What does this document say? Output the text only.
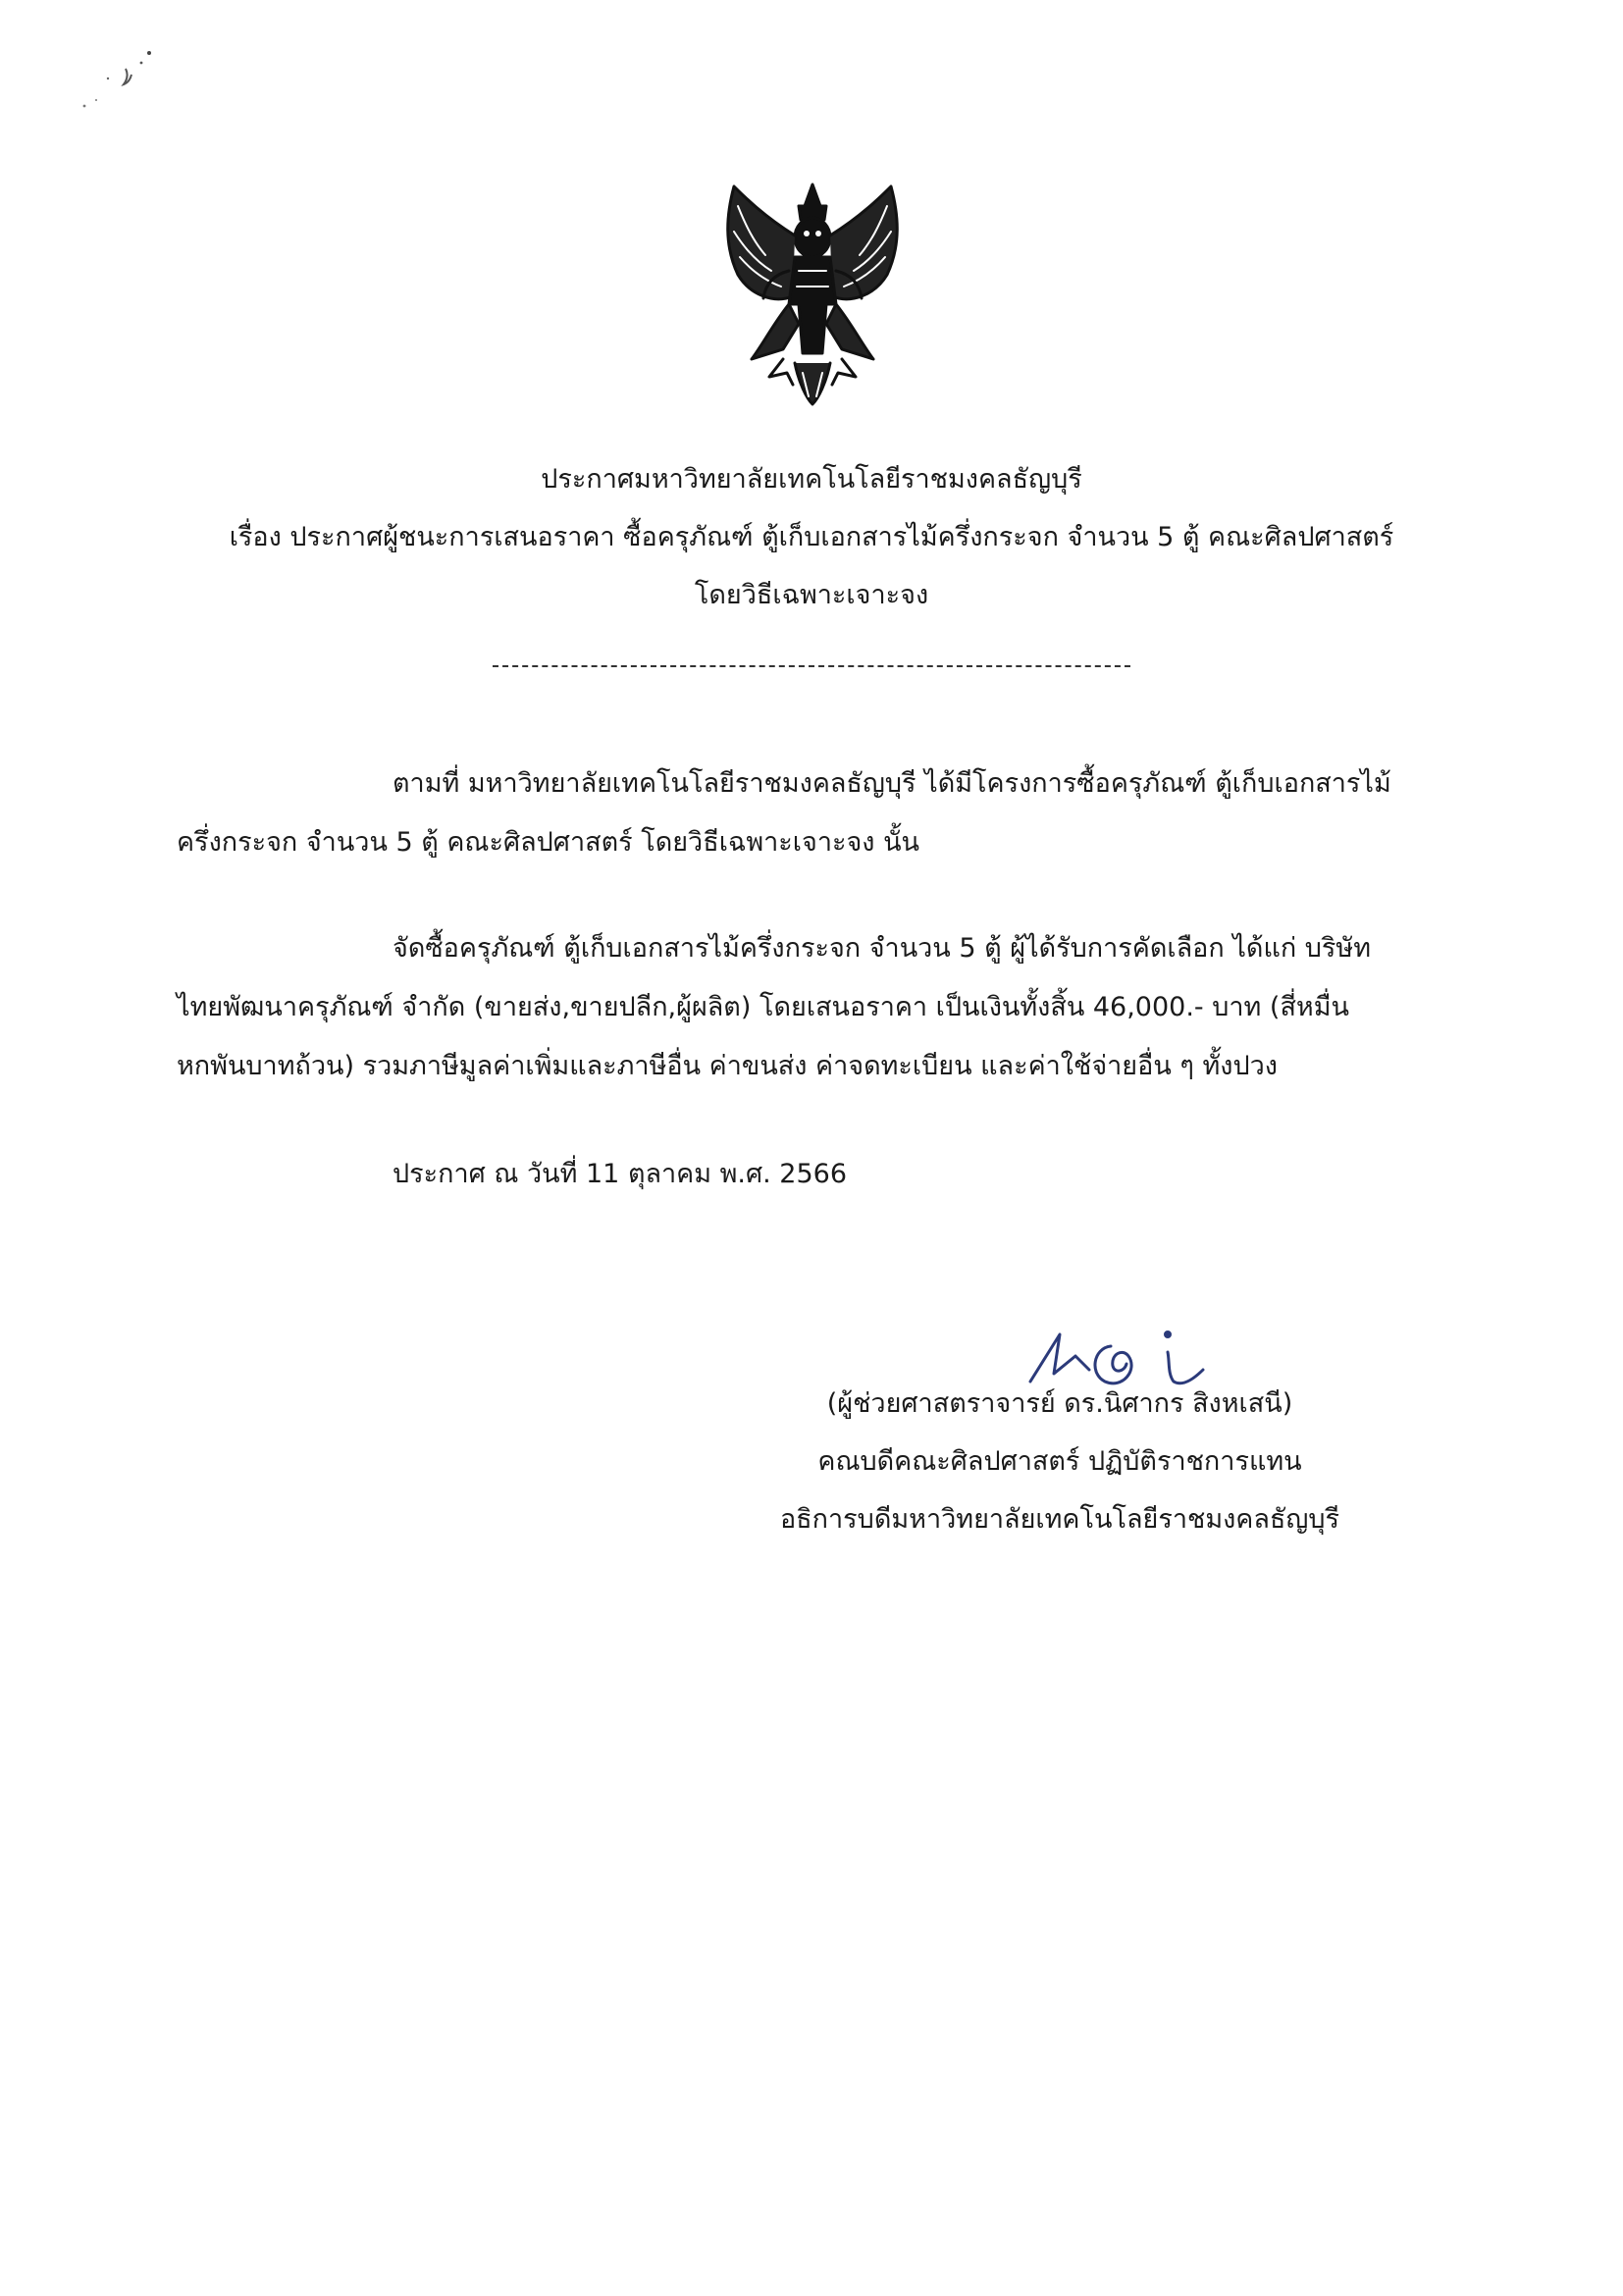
ประกาศมหาวิทยาลัยเทคโนโลยีราชมงคลธัญบุรี
เรื่อง ประกาศผู้ชนะการเสนอราคา ซื้อครุภัณฑ์ ตู้เก็บเอกสารไม้ครึ่งกระจก จำนวน 5 ตู้ คณะศิลปศาสตร์
โดยวิธีเฉพาะเจาะจง
ตามที่ มหาวิทยาลัยเทคโนโลยีราชมงคลธัญบุรี ได้มีโครงการซื้อครุภัณฑ์ ตู้เก็บเอกสารไม้
ครึ่งกระจก จำนวน 5 ตู้ คณะศิลปศาสตร์ โดยวิธีเฉพาะเจาะจง นั้น
จัดซื้อครุภัณฑ์ ตู้เก็บเอกสารไม้ครึ่งกระจก จำนวน 5 ตู้ ผู้ได้รับการคัดเลือก ได้แก่ บริษัท
ไทยพัฒนาครุภัณฑ์ จำกัด (ขายส่ง,ขายปลีก,ผู้ผลิต) โดยเสนอราคา เป็นเงินทั้งสิ้น 46,000.- บาท (สี่หมื่น
หกพันบาทถ้วน) รวมภาษีมูลค่าเพิ่มและภาษีอื่น ค่าขนส่ง ค่าจดทะเบียน และค่าใช้จ่ายอื่น ๆ ทั้งปวง
ประกาศ ณ วันที่ 11 ตุลาคม พ.ศ. 2566
(ผู้ช่วยศาสตราจารย์ ดร.นิศากร สิงหเสนี)
คณบดีคณะศิลปศาสตร์ ปฏิบัติราชการแทน
อธิการบดีมหาวิทยาลัยเทคโนโลยีราชมงคลธัญบุรี
